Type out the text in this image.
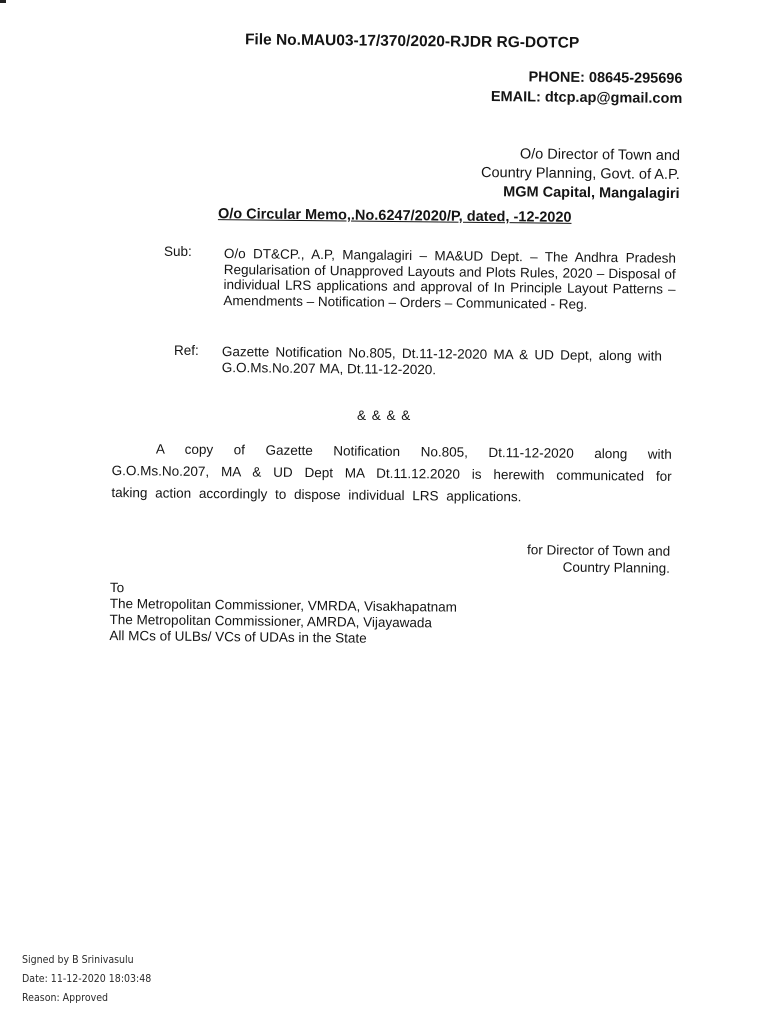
File No.MAU03-17/370/2020-RJDR RG-DOTCP
PHONE: 08645-295696
EMAIL: dtcp.ap@gmail.com
O/o Director of Town and
Country Planning, Govt. of A.P.
MGM Capital, Mangalagiri
O/o Circular Memo,.No.6247/2020/P, dated, -12-2020
Sub: O/o DT&CP., A.P, Mangalagiri – MA&UD Dept. – The Andhra Pradesh Regularisation of Unapproved Layouts and Plots Rules, 2020 – Disposal of individual LRS applications and approval of In Principle Layout Patterns – Amendments – Notification – Orders – Communicated - Reg.
Ref: Gazette Notification No.805, Dt.11-12-2020 MA & UD Dept, along with G.O.Ms.No.207 MA, Dt.11-12-2020.
& & & &
A copy of Gazette Notification No.805, Dt.11-12-2020 along with G.O.Ms.No.207, MA & UD Dept MA Dt.11.12.2020 is herewith communicated for taking action accordingly to dispose individual LRS applications.
for Director of Town and
Country Planning.
To
The Metropolitan Commissioner, VMRDA, Visakhapatnam
The Metropolitan Commissioner, AMRDA, Vijayawada
All MCs of ULBs/ VCs of UDAs in the State
Signed by B Srinivasulu
Date: 11-12-2020 18:03:48
Reason: Approved
